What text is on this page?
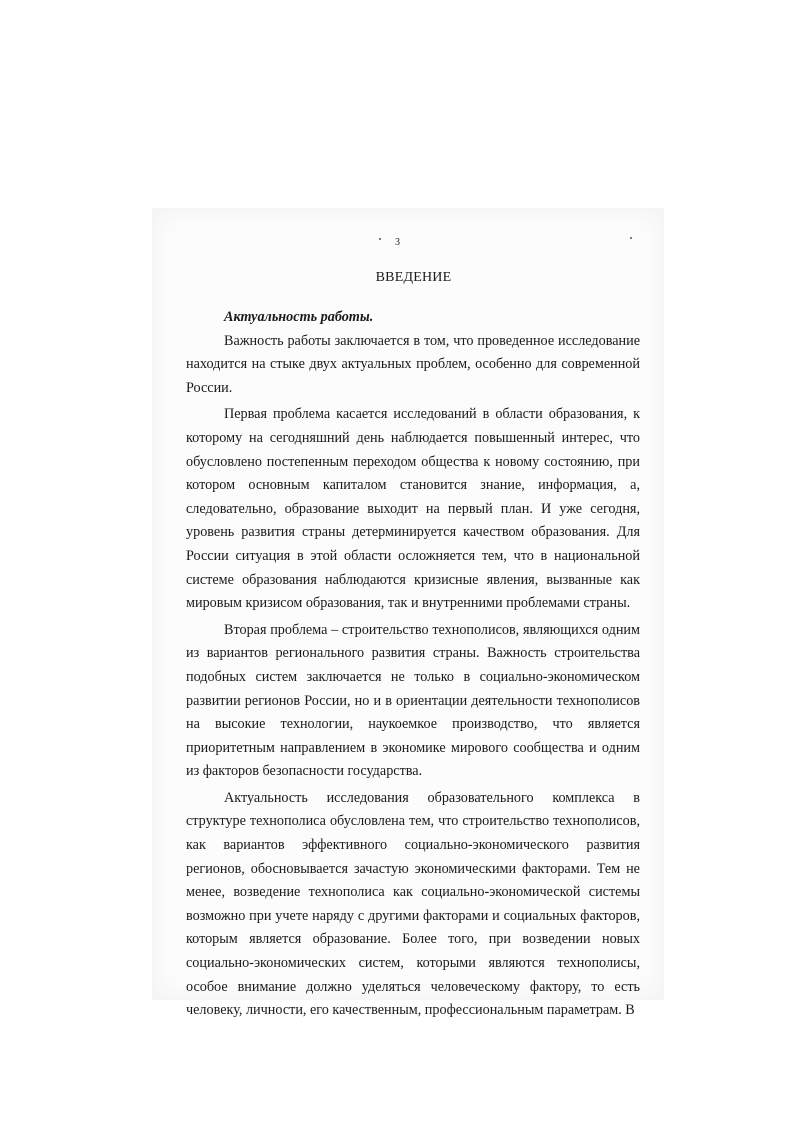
3
ВВЕДЕНИЕ

Актуальность работы.

Важность работы заключается в том, что проведенное исследование находится на стыке двух актуальных проблем, особенно для современной России.

Первая проблема касается исследований в области образования, к которому на сегодняшний день наблюдается повышенный интерес, что обусловлено постепенным переходом общества к новому состоянию, при котором основным капиталом становится знание, информация, а, следовательно, образование выходит на первый план. И уже сегодня, уровень развития страны детерминируется качеством образования. Для России ситуация в этой области осложняется тем, что в национальной системе образования наблюдаются кризисные явления, вызванные как мировым кризисом образования, так и внутренними проблемами страны.

Вторая проблема – строительство технополисов, являющихся одним из вариантов регионального развития страны. Важность строительства подобных систем заключается не только в социально-экономическом развитии регионов России, но и в ориентации деятельности технополисов на высокие технологии, наукоемкое производство, что является приоритетным направлением в экономике мирового сообщества и одним из факторов безопасности государства.

Актуальность исследования образовательного комплекса в структуре технополиса обусловлена тем, что строительство технополисов, как вариантов эффективного социально-экономического развития регионов, обосновывается зачастую экономическими факторами. Тем не менее, возведение технополиса как социально-экономической системы возможно при учете наряду с другими факторами и социальных факторов, которым является образование. Более того, при возведении новых социально-экономических систем, которыми являются технополисы, особое внимание должно уделяться человеческому фактору, то есть человеку, личности, его качественным, профессиональным параметрам. В
